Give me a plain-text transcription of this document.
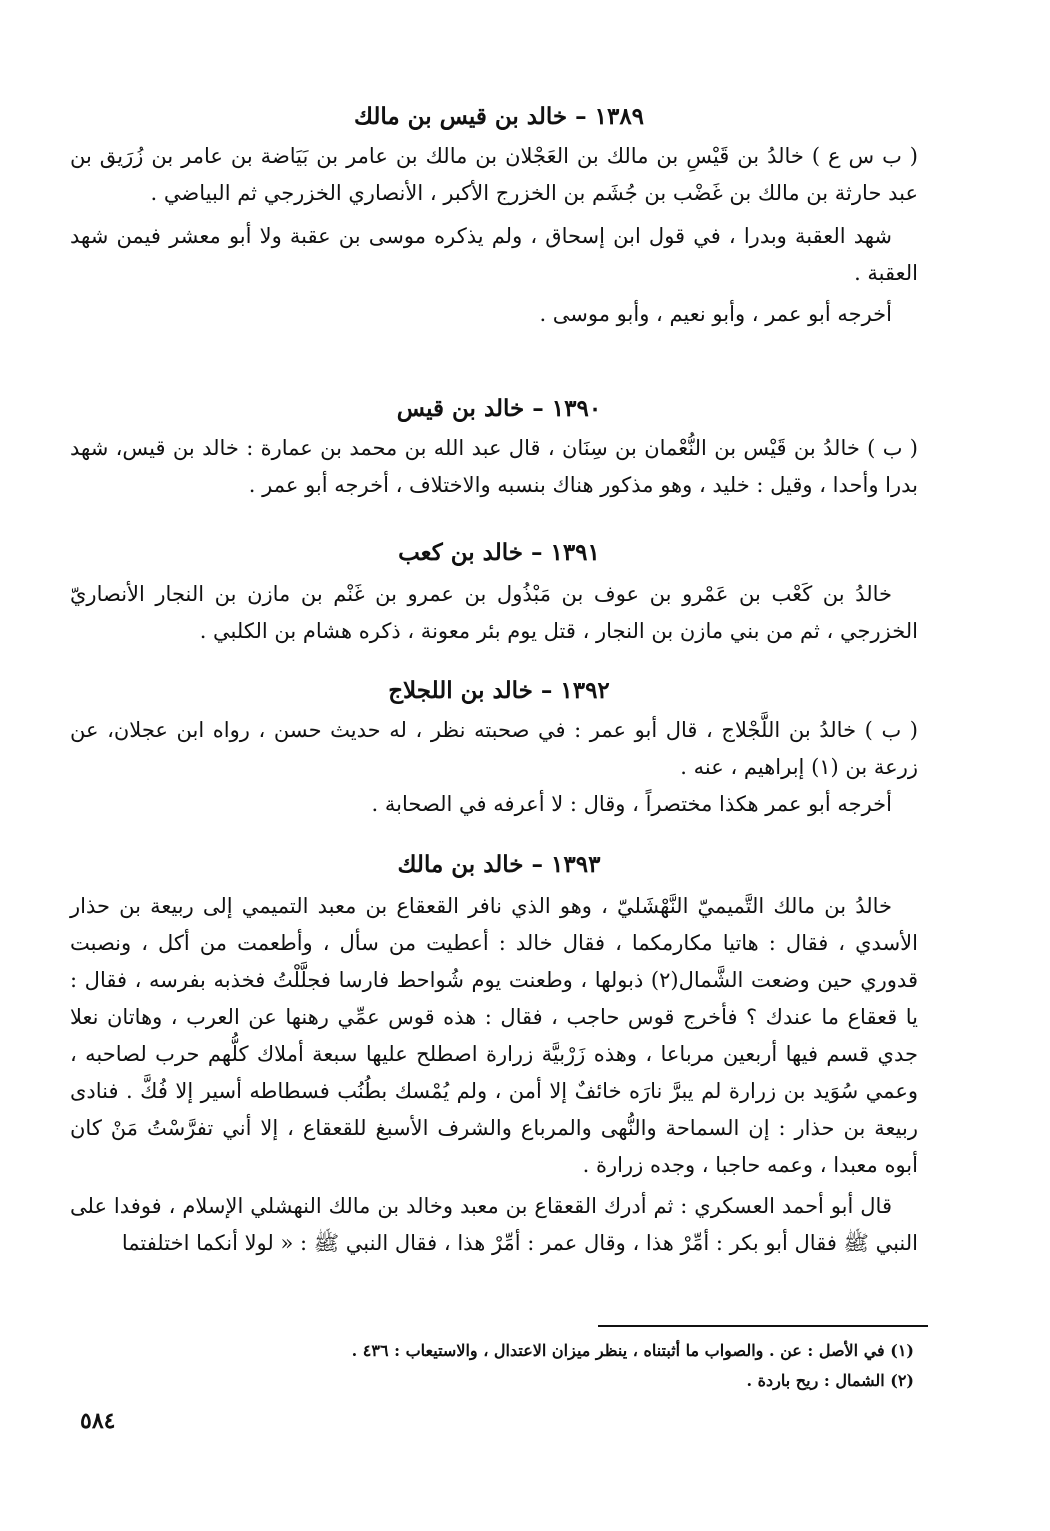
١٣٨٩ – خالد بن قيس بن مالك

( ب س ع ) خالدُ بن قَيْسِ بن مالك بن العَجْلان بن مالك بن عامر بن بَيَاضة بن عامر بن زُرَيق بن عبد حارثة بن مالك بن غَضْب بن جُشَم بن الخزرج الأكبر ، الأنصاري الخزرجي ثم البياضي .

شهد العقبة وبدرا ، في قول ابن إسحاق ، ولم يذكره موسى بن عقبة ولا أبو معشر فيمن شهد العقبة .

أخرجه أبو عمر ، وأبو نعيم ، وأبو موسى .

١٣٩٠ – خالد بن قيس

( ب ) خالدُ بن قَيْس بن النُّعْمان بن سِنَان ، قال عبد الله بن محمد بن عمارة : خالد بن قيس، شهد بدرا وأحدا ، وقيل : خليد ، وهو مذكور هناك بنسبه والاختلاف ، أخرجه أبو عمر .

١٣٩١ – خالد بن كعب

خالدُ بن كَعْب بن عَمْرو بن عوف بن مَبْذُول بن عمرو بن غَنْم بن مازن بن النجار الأنصاريّ الخزرجي ، ثم من بني مازن بن النجار ، قتل يوم بئر معونة ، ذكره هشام بن الكلبي .

١٣٩٢ – خالد بن اللجلاج

( ب ) خالدُ بن اللَّجْلاج ، قال أبو عمر : في صحبته نظر ، له حديث حسن ، رواه ابن عجلان، عن زرعة بن (١) إبراهيم ، عنه .

أخرجه أبو عمر هكذا مختصراً ، وقال : لا أعرفه في الصحابة .

١٣٩٣ – خالد بن مالك

خالدُ بن مالك التَّميميّ النَّهْشَليّ ، وهو الذي نافر القعقاع بن معبد التميمي إلى ربيعة بن حذار الأسدي ، فقال : هاتيا مكارمكما ، فقال خالد : أعطيت من سأل ، وأطعمت من أكل ، ونصبت قدوري حين وضعت الشَّمال(٢) ذبولها ، وطعنت يوم شُواحط فارسا فجلَّلْتُ فخذبه بفرسه ، فقال : يا قعقاع ما عندك ؟ فأخرج قوس حاجب ، فقال : هذه قوس عمِّي رهنها عن العرب ، وهاتان نعلا جدي قسم فيها أربعين مرباعا ، وهذه زَرْبيَّة زرارة اصطلح عليها سبعة أملاك كلُّهم حرب لصاحبه ، وعمي سُوَيد بن زرارة لم يبرَّ نارَه خائفٌ إلا أمن ، ولم يُمْسك بطُنُب فسطاطه أسير إلا فُكَّ . فنادى ربيعة بن حذار : إن السماحة والنُّهى والمرباع والشرف الأسبغ للقعقاع ، إلا أني تفرَّسْتُ مَنْ كان أبوه معبدا ، وعمه حاجبا ، وجده زرارة .

قال أبو أحمد العسكري : ثم أدرك القعقاع بن معبد وخالد بن مالك النهشلي الإسلام ، فوفدا على النبي ﷺ فقال أبو بكر : أمِّرْ هذا ، وقال عمر : أمِّرْ هذا ، فقال النبي ﷺ : « لولا أنكما اختلفتما

(١) في الأصل : عن . والصواب ما أثبتناه ، ينظر ميزان الاعتدال ، والاستيعاب : ٤٣٦ .

(٢) الشمال : ريح باردة .

٥٨٤
